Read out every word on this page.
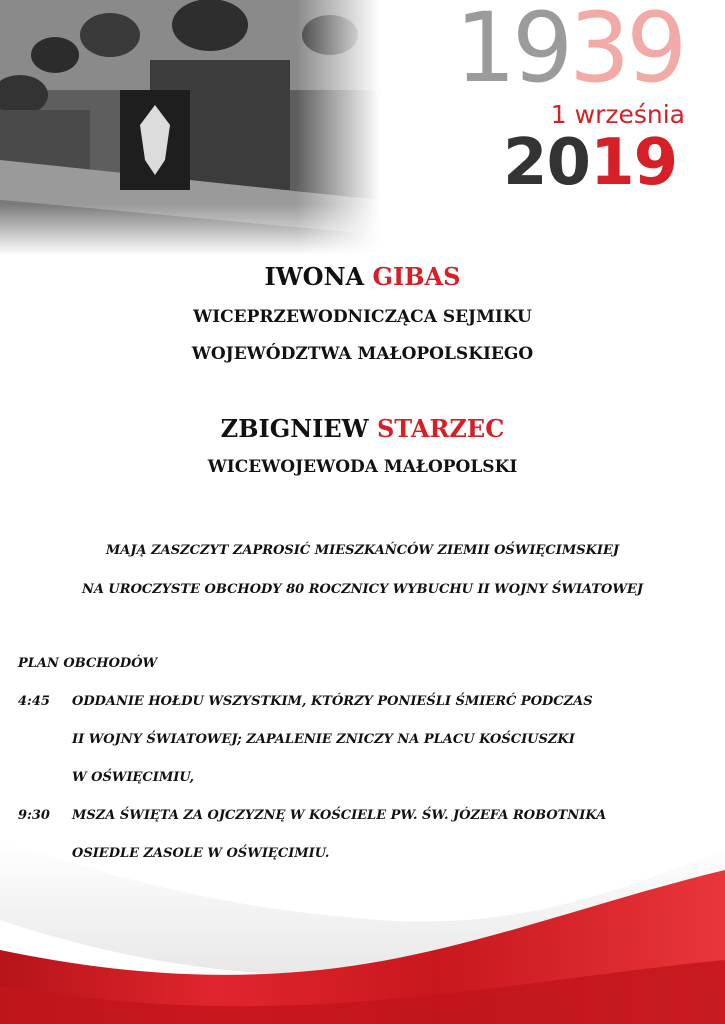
1939
1 września
2019
IWONA GIBAS
WICEPRZEWODNICZĄCA SEJMIKU
WOJEWÓDZTWA MAŁOPOLSKIEGO
ZBIGNIEW STARZEC
WICEWOJEWODA MAŁOPOLSKI
MAJĄ ZASZCZYT ZAPROSIĆ MIESZKAŃCÓW ZIEMII OŚWIĘCIMSKIEJ
NA UROCZYSTE OBCHODY 80 ROCZNICY WYBUCHU II WOJNY ŚWIATOWEJ
PLAN OBCHODÓW
4:45 ODDANIE HOŁDU WSZYSTKIM, KTÓRZY PONIEŚLI ŚMIERĆ PODCZAS
II WOJNY ŚWIATOWEJ; ZAPALENIE ZNICZY NA PLACU KOŚCIUSZKI
W OŚWIĘCIMIU,
9:30 MSZA ŚWIĘTA ZA OJCZYZNĘ W KOŚCIELE PW. ŚW. JÓZEFA ROBOTNIKA
OSIEDLE ZASOLE W OŚWIĘCIMIU.
